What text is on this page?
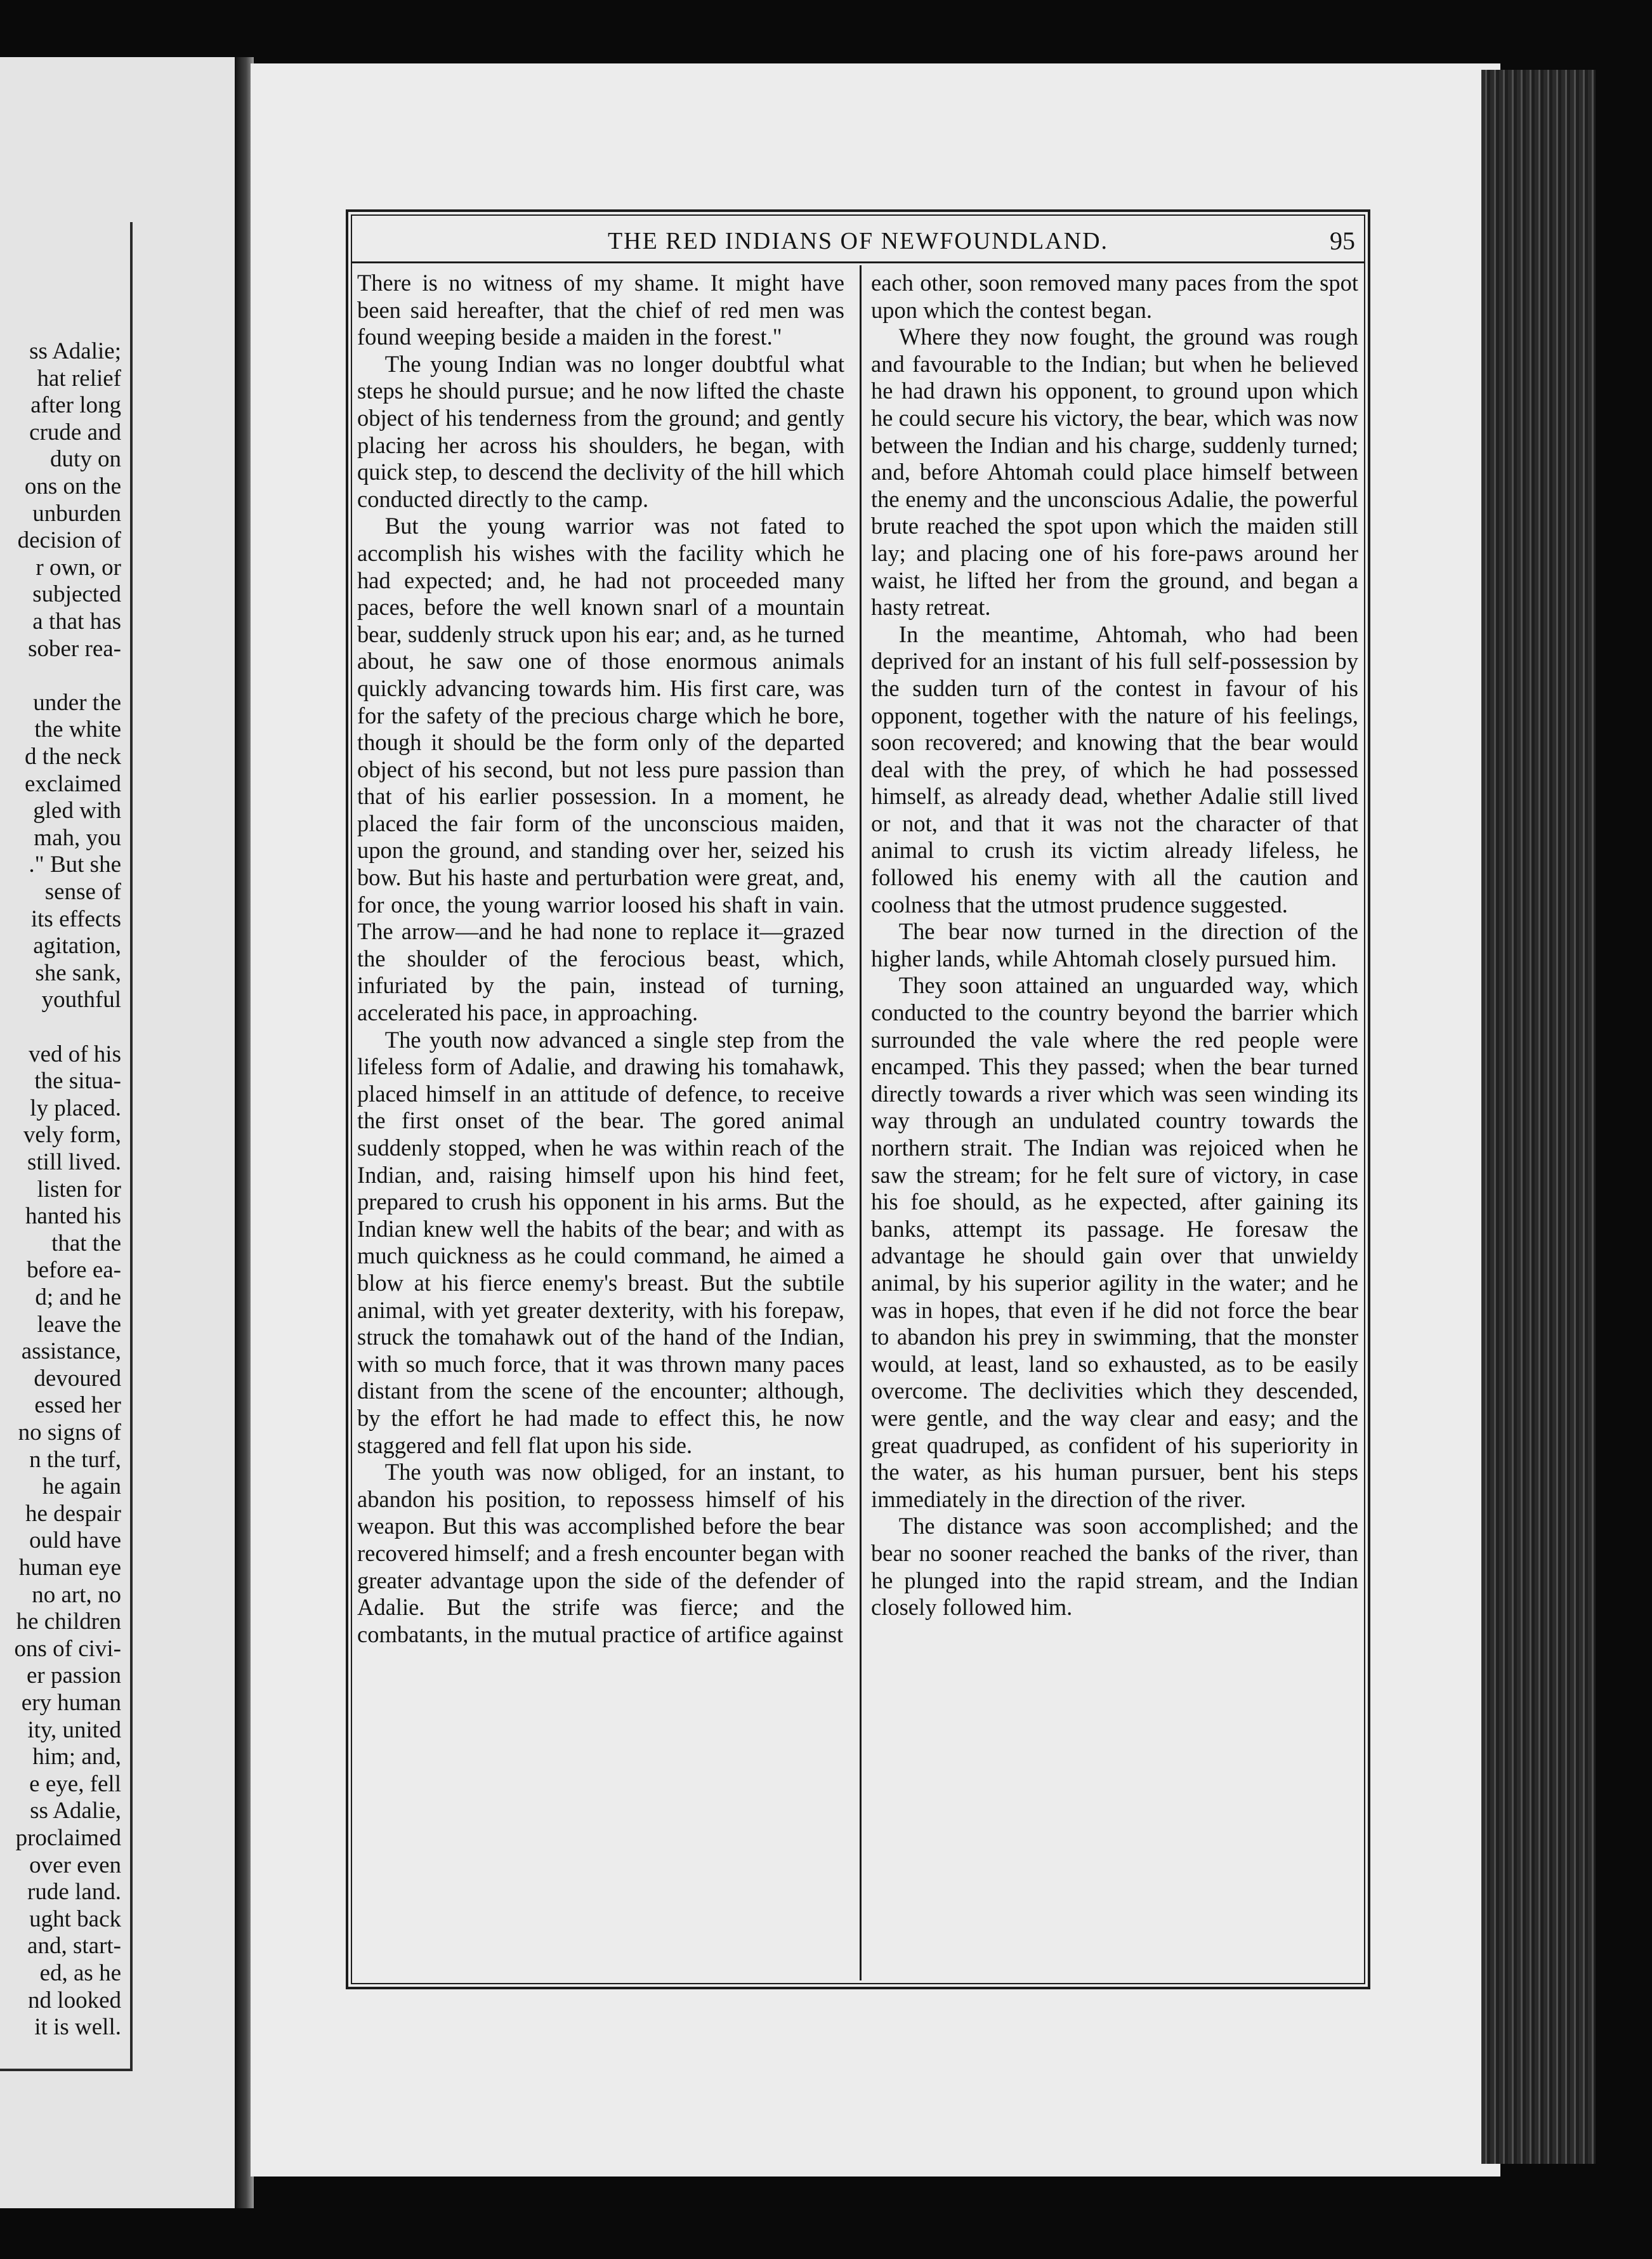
ss Adalie;
hat relief
after long
crude and
duty on
ons on the
unburden
decision of
r own, or
subjected
a that has
sober rea-
under the
the white
d the neck
exclaimed
gled with
mah, you
." But she
sense of
its effects
agitation,
she sank,
youthful
ved of his
the situa-
ly placed.
vely form,
still lived.
listen for
hanted his
that the
before ea-
d; and he
leave the
assistance,
devoured
essed her
no signs of
n the turf,
he again
he despair
ould have
human eye
no art, no
he children
ons of civi-
er passion
ery human
ity, united
him; and,
e eye, fell
ss Adalie,
proclaimed
over even
rude land.
ught back
and, start-
ed, as he
nd looked
it is well.
THE RED INDIANS OF NEWFOUNDLAND.	95

There is no witness of my shame. It might have been said hereafter, that the chief of red men was found weeping beside a maiden in the forest."

The young Indian was no longer doubtful what steps he should pursue; and he now lifted the chaste object of his tenderness from the ground; and gently placing her across his shoulders, he began, with quick step, to descend the declivity of the hill which conducted directly to the camp.

But the young warrior was not fated to accomplish his wishes with the facility which he had expected; and, he had not proceeded many paces, before the well known snarl of a mountain bear, suddenly struck upon his ear; and, as he turned about, he saw one of those enormous animals quickly advancing towards him. His first care, was for the safety of the precious charge which he bore, though it should be the form only of the departed object of his second, but not less pure passion than that of his earlier possession. In a moment, he placed the fair form of the unconscious maiden, upon the ground, and standing over her, seized his bow. But his haste and perturbation were great, and, for once, the young warrior loosed his shaft in vain. The arrow—and he had none to replace it—grazed the shoulder of the ferocious beast, which, infuriated by the pain, instead of turning, accelerated his pace, in approaching.

The youth now advanced a single step from the lifeless form of Adalie, and drawing his tomahawk, placed himself in an attitude of defence, to receive the first onset of the bear. The gored animal suddenly stopped, when he was within reach of the Indian, and, raising himself upon his hind feet, prepared to crush his opponent in his arms. But the Indian knew well the habits of the bear; and with as much quickness as he could command, he aimed a blow at his fierce enemy's breast. But the subtile animal, with yet greater dexterity, with his forepaw, struck the tomahawk out of the hand of the Indian, with so much force, that it was thrown many paces distant from the scene of the encounter; although, by the effort he had made to effect this, he now staggered and fell flat upon his side.

The youth was now obliged, for an instant, to abandon his position, to repossess himself of his weapon. But this was accomplished before the bear recovered himself; and a fresh encounter began with greater advantage upon the side of the defender of Adalie. But the strife was fierce; and the combatants, in the mutual practice of artifice against

each other, soon removed many paces from the spot upon which the contest began.

Where they now fought, the ground was rough and favourable to the Indian; but when he believed he had drawn his opponent, to ground upon which he could secure his victory, the bear, which was now between the Indian and his charge, suddenly turned; and, before Ahtomah could place himself between the enemy and the unconscious Adalie, the powerful brute reached the spot upon which the maiden still lay; and placing one of his fore-paws around her waist, he lifted her from the ground, and began a hasty retreat.

In the meantime, Ahtomah, who had been deprived for an instant of his full self-possession by the sudden turn of the contest in favour of his opponent, together with the nature of his feelings, soon recovered; and knowing that the bear would deal with the prey, of which he had possessed himself, as already dead, whether Adalie still lived or not, and that it was not the character of that animal to crush its victim already lifeless, he followed his enemy with all the caution and coolness that the utmost prudence suggested.

The bear now turned in the direction of the higher lands, while Ahtomah closely pursued him.

They soon attained an unguarded way, which conducted to the country beyond the barrier which surrounded the vale where the red people were encamped. This they passed; when the bear turned directly towards a river which was seen winding its way through an undulated country towards the northern strait. The Indian was rejoiced when he saw the stream; for he felt sure of victory, in case his foe should, as he expected, after gaining its banks, attempt its passage. He foresaw the advantage he should gain over that unwieldy animal, by his superior agility in the water; and he was in hopes, that even if he did not force the bear to abandon his prey in swimming, that the monster would, at least, land so exhausted, as to be easily overcome. The declivities which they descended, were gentle, and the way clear and easy; and the great quadruped, as confident of his superiority in the water, as his human pursuer, bent his steps immediately in the direction of the river.

The distance was soon accomplished; and the bear no sooner reached the banks of the river, than he plunged into the rapid stream, and the Indian closely followed him.
